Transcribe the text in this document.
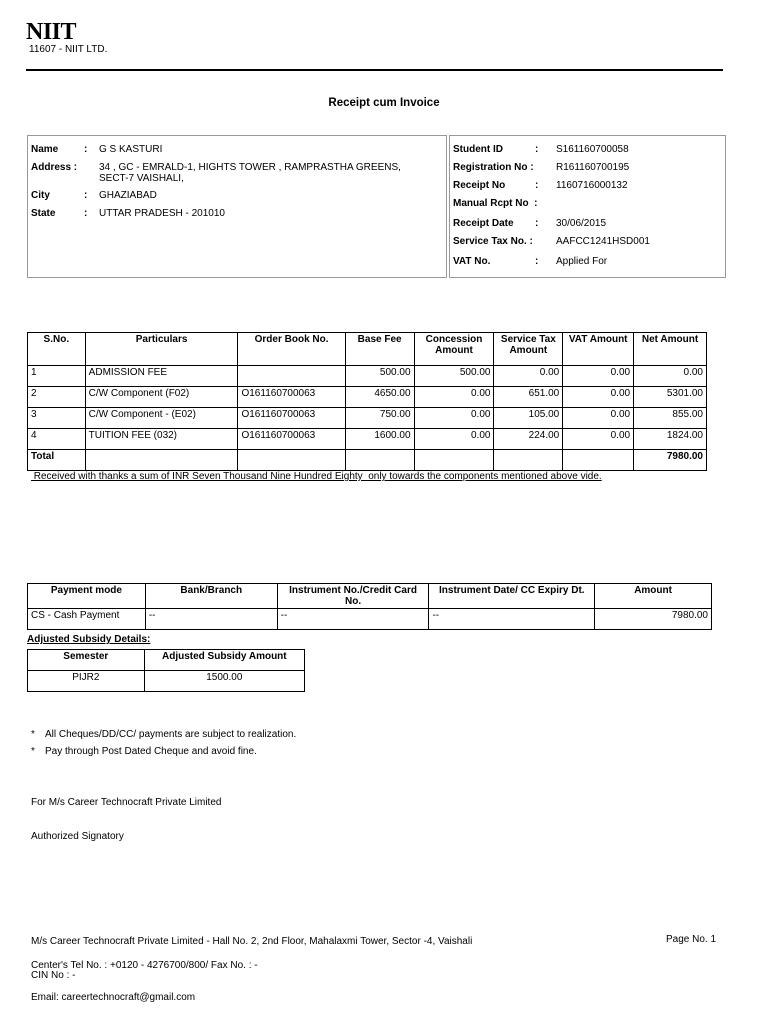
NIIT
11607 - NIIT LTD.
Receipt cum Invoice
Name	: G S KASTURI
Address : 34 , GC - EMRALD-1, HIGHTS TOWER , RAMPRASTHA GREENS,
SECT-7 VAISHALI,
City	: GHAZIABAD
State	: UTTAR PRADESH - 201010
Student ID	: S161160700058
Registration No : R161160700195
Receipt No	: 1160716000132
Manual Rcpt No  :
Receipt Date : 30/06/2015
Service Tax No. : AAFCC1241HSD001
VAT No.	: Applied For
S.No.	Particulars	Order Book No.	Base Fee	Concession Amount	Service Tax Amount	VAT Amount	Net Amount
1	ADMISSION FEE		500.00	500.00	0.00	0.00	0.00
2	C/W Component (F02)	O161160700063	4650.00	0.00	651.00	0.00	5301.00
3	C/W Component - (E02)	O161160700063	750.00	0.00	105.00	0.00	855.00
4	TUITION FEE (032)	O161160700063	1600.00	0.00	224.00	0.00	1824.00
Total							7980.00
Received with thanks a sum of INR Seven Thousand Nine Hundred Eighty  only towards the components mentioned above vide.
Payment mode	Bank/Branch	Instrument No./Credit Card No.	Instrument Date/ CC Expiry Dt.	Amount
CS - Cash Payment	--	--	--	7980.00
Adjusted Subsidy Details:
Semester	Adjusted Subsidy Amount
PIJR2	1500.00
* All Cheques/DD/CC/ payments are subject to realization.
* Pay through Post Dated Cheque and avoid fine.
For M/s Career Technocraft Private Limited
Authorized Signatory
M/s Career Technocraft Private Limited - Hall No. 2, 2nd Floor, Mahalaxmi Tower, Sector -4, Vaishali	Page No. 1
Center's Tel No. : +0120 - 4276700/800/ Fax No. : -
CIN No : -
Email: careertechnocraft@gmail.com
